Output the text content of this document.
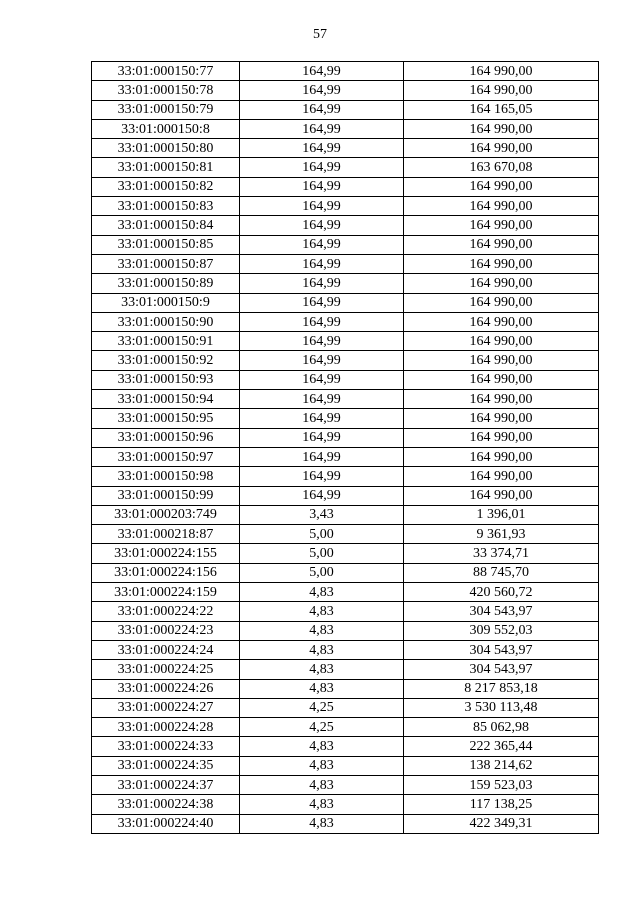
57
33:01:000150:77	164,99	164 990,00
33:01:000150:78	164,99	164 990,00
33:01:000150:79	164,99	164 165,05
33:01:000150:8	164,99	164 990,00
33:01:000150:80	164,99	164 990,00
33:01:000150:81	164,99	163 670,08
33:01:000150:82	164,99	164 990,00
33:01:000150:83	164,99	164 990,00
33:01:000150:84	164,99	164 990,00
33:01:000150:85	164,99	164 990,00
33:01:000150:87	164,99	164 990,00
33:01:000150:89	164,99	164 990,00
33:01:000150:9	164,99	164 990,00
33:01:000150:90	164,99	164 990,00
33:01:000150:91	164,99	164 990,00
33:01:000150:92	164,99	164 990,00
33:01:000150:93	164,99	164 990,00
33:01:000150:94	164,99	164 990,00
33:01:000150:95	164,99	164 990,00
33:01:000150:96	164,99	164 990,00
33:01:000150:97	164,99	164 990,00
33:01:000150:98	164,99	164 990,00
33:01:000150:99	164,99	164 990,00
33:01:000203:749	3,43	1 396,01
33:01:000218:87	5,00	9 361,93
33:01:000224:155	5,00	33 374,71
33:01:000224:156	5,00	88 745,70
33:01:000224:159	4,83	420 560,72
33:01:000224:22	4,83	304 543,97
33:01:000224:23	4,83	309 552,03
33:01:000224:24	4,83	304 543,97
33:01:000224:25	4,83	304 543,97
33:01:000224:26	4,83	8 217 853,18
33:01:000224:27	4,25	3 530 113,48
33:01:000224:28	4,25	85 062,98
33:01:000224:33	4,83	222 365,44
33:01:000224:35	4,83	138 214,62
33:01:000224:37	4,83	159 523,03
33:01:000224:38	4,83	117 138,25
33:01:000224:40	4,83	422 349,31
